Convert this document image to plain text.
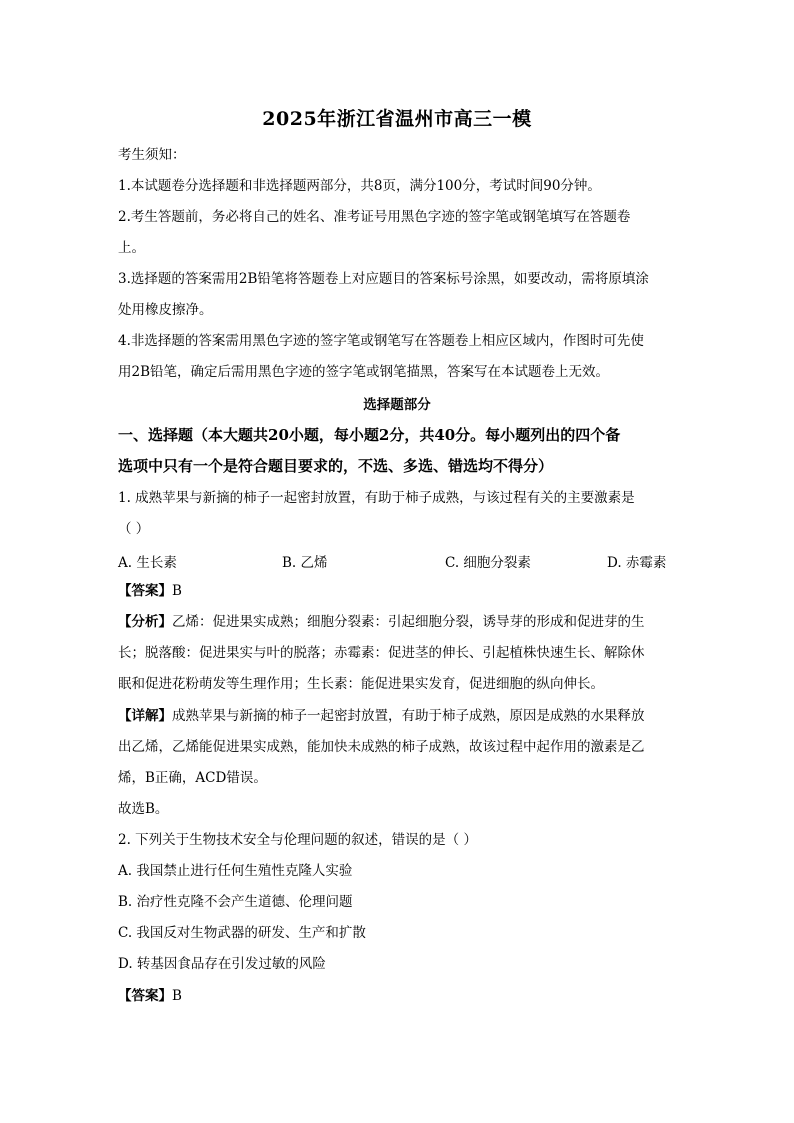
2025年浙江省温州市高三一模
考生须知：
1.本试题卷分选择题和非选择题两部分，共8页，满分100分，考试时间90分钟。
2.考生答题前，务必将自己的姓名、准考证号用黑色字迹的签字笔或钢笔填写在答题卷
上。
3.选择题的答案需用2B铅笔将答题卷上对应题目的答案标号涂黑，如要改动，需将原填涂
处用橡皮擦净。
4.非选择题的答案需用黑色字迹的签字笔或钢笔写在答题卷上相应区域内，作图时可先使
用2B铅笔，确定后需用黑色字迹的签字笔或钢笔描黑，答案写在本试题卷上无效。
选择题部分
一、选择题（本大题共20小题，每小题2分，共40分。每小题列出的四个备
选项中只有一个是符合题目要求的，不选、多选、错选均不得分）
1. 成熟苹果与新摘的柿子一起密封放置，有助于柿子成熟，与该过程有关的主要激素是
（ ）
A. 生长素	B. 乙烯	C. 细胞分裂素	D. 赤霉素
【答案】B
【分析】乙烯：促进果实成熟；细胞分裂素：引起细胞分裂，诱导芽的形成和促进芽的生
长；脱落酸：促进果实与叶的脱落；赤霉素：促进茎的伸长、引起植株快速生长、解除休
眠和促进花粉萌发等生理作用；生长素：能促进果实发育，促进细胞的纵向伸长。
【详解】成熟苹果与新摘的柿子一起密封放置，有助于柿子成熟，原因是成熟的水果释放
出乙烯，乙烯能促进果实成熟，能加快未成熟的柿子成熟，故该过程中起作用的激素是乙
烯，B正确，ACD错误。
故选B。
2. 下列关于生物技术安全与伦理问题的叙述，错误的是（ ）
A. 我国禁止进行任何生殖性克隆人实验
B. 治疗性克隆不会产生道德、伦理问题
C. 我国反对生物武器的研发、生产和扩散
D. 转基因食品存在引发过敏的风险
【答案】B
